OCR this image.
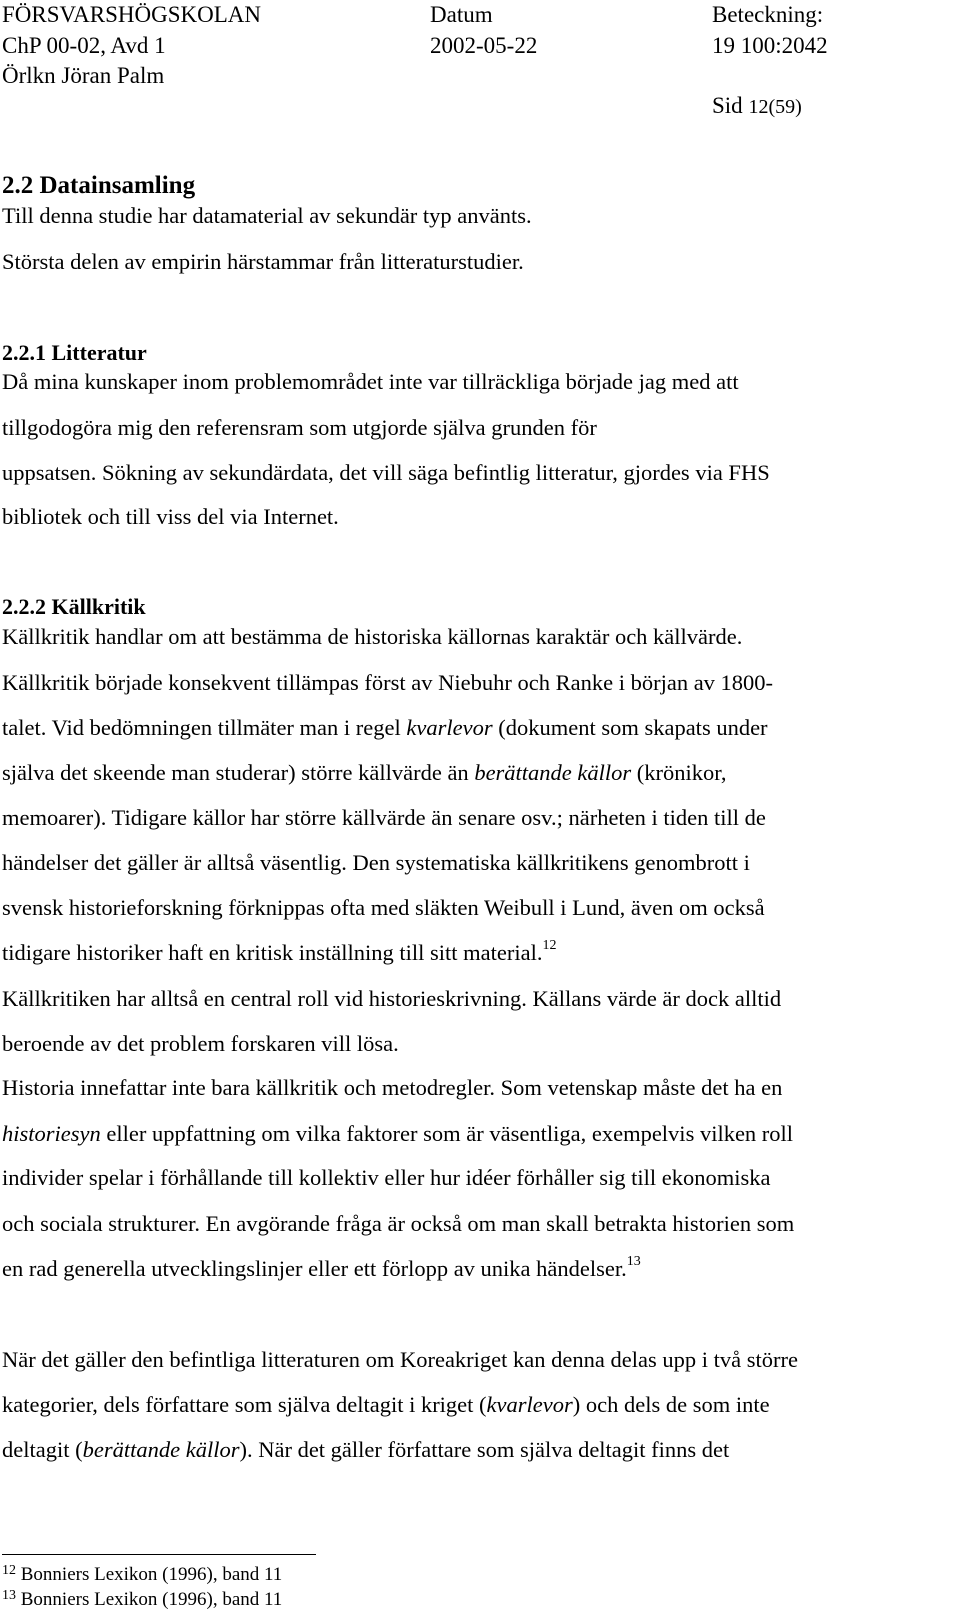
FÖRSVARSHÖGSKOLAN
ChP 00-02, Avd 1
Örlkn Jöran Palm
Datum
2002-05-22
Beteckning:
19 100:2042
Sid 12(59)
2.2 Datainsamling
Till denna studie har datamaterial av sekundär typ använts.
Största delen av empirin härstammar från litteraturstudier.
2.2.1 Litteratur
Då mina kunskaper inom problemområdet inte var tillräckliga började jag med att
tillgodogöra mig den referensram som utgjorde själva grunden för
uppsatsen. Sökning av sekundärdata, det vill säga befintlig litteratur, gjordes via FHS
bibliotek och till viss del via Internet.
2.2.2 Källkritik
Källkritik handlar om att bestämma de historiska källornas karaktär och källvärde.
Källkritik började konsekvent tillämpas först av Niebuhr och Ranke i början av 1800-
talet. Vid bedömningen tillmäter man i regel kvarlevor (dokument som skapats under
själva det skeende man studerar) större källvärde än berättande källor (krönikor,
memoarer). Tidigare källor har större källvärde än senare osv.; närheten i tiden till de
händelser det gäller är alltså väsentlig. Den systematiska källkritikens genombrott i
svensk historieforskning förknippas ofta med släkten Weibull i Lund, även om också
tidigare historiker haft en kritisk inställning till sitt material.$^{12}$
Källkritiken har alltså en central roll vid historieskrivning. Källans värde är dock alltid
beroende av det problem forskaren vill lösa.
Historia innefattar inte bara källkritik och metodregler. Som vetenskap måste det ha en
historiesyn eller uppfattning om vilka faktorer som är väsentliga, exempelvis vilken roll
individer spelar i förhållande till kollektiv eller hur idéer förhåller sig till ekonomiska
och sociala strukturer. En avgörande fråga är också om man skall betrakta historien som
en rad generella utvecklingslinjer eller ett förlopp av unika händelser.$^{13}$
När det gäller den befintliga litteraturen om Koreakriget kan denna delas upp i två större
kategorier, dels författare som själva deltagit i kriget (kvarlevor) och dels de som inte
deltagit (berättande källor). När det gäller författare som själva deltagit finns det
$^{12}$ Bonniers Lexikon (1996), band 11
$^{13}$ Bonniers Lexikon (1996), band 11
